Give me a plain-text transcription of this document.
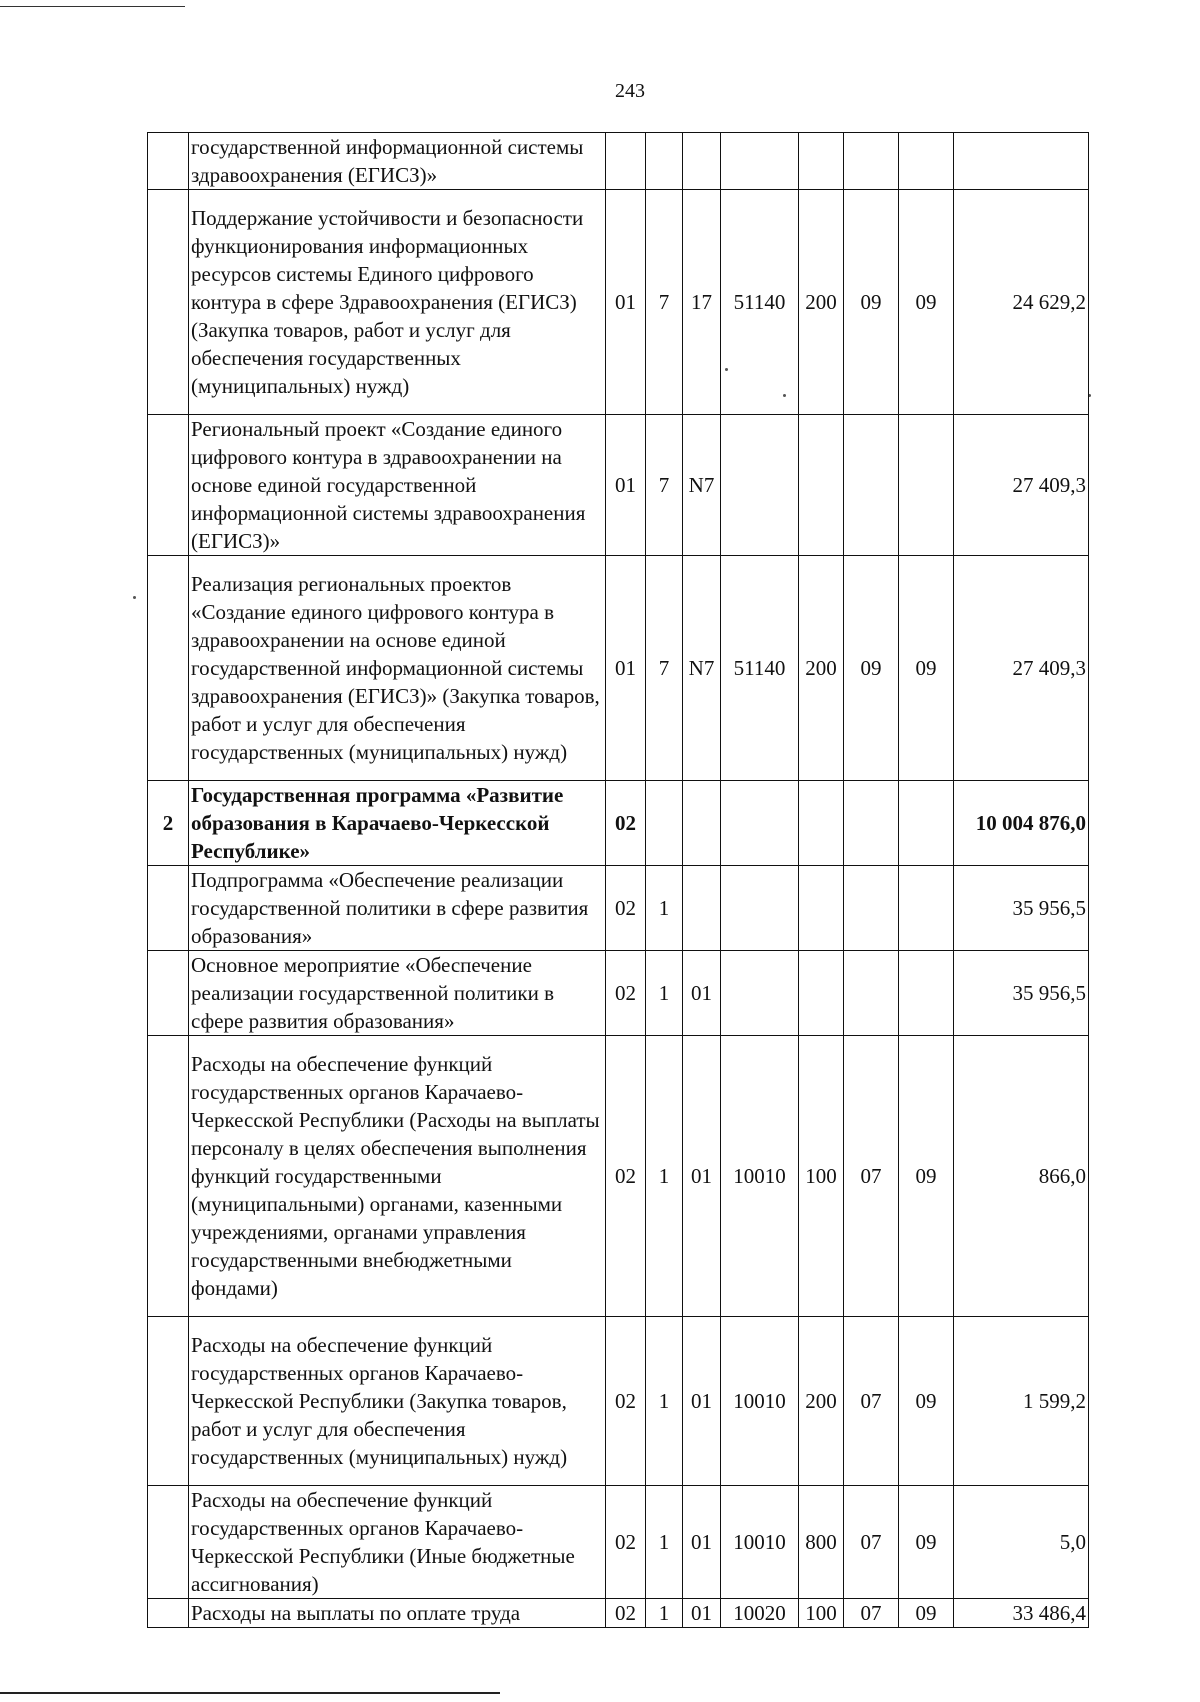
243
	государственной информационной системы здравоохранения (ЕГИСЗ)»								
	Поддержание устойчивости и безопасности функционирования информационных ресурсов системы Единого цифрового контура в сфере Здравоохранения (ЕГИСЗ) (Закупка товаров, работ и услуг для обеспечения государственных (муниципальных) нужд)	01	7	17	51140	200	09	09	24 629,2
	Региональный проект «Создание единого цифрового контура в здравоохранении на основе единой государственной информационной системы здравоохранения (ЕГИСЗ)»	01	7	N7					27 409,3
	Реализация региональных проектов «Создание единого цифрового контура в здравоохранении на основе единой государственной информационной системы здравоохранения (ЕГИСЗ)» (Закупка товаров, работ и услуг для обеспечения государственных (муниципальных) нужд)	01	7	N7	51140	200	09	09	27 409,3
2	Государственная программа «Развитие образования в Карачаево-Черкесской Республике»	02							10 004 876,0
	Подпрограмма «Обеспечение реализации государственной политики в сфере развития образования»	02	1						35 956,5
	Основное мероприятие «Обеспечение реализации государственной политики в сфере развития образования»	02	1	01					35 956,5
	Расходы на обеспечение функций государственных органов Карачаево-Черкесской Республики (Расходы на выплаты персоналу в целях обеспечения выполнения функций государственными (муниципальными) органами, казенными учреждениями, органами управления государственными внебюджетными фондами)	02	1	01	10010	100	07	09	866,0
	Расходы на обеспечение функций государственных органов Карачаево-Черкесской Республики (Закупка товаров, работ и услуг для обеспечения государственных (муниципальных) нужд)	02	1	01	10010	200	07	09	1 599,2
	Расходы на обеспечение функций государственных органов Карачаево-Черкесской Республики (Иные бюджетные ассигнования)	02	1	01	10010	800	07	09	5,0
	Расходы на выплаты по оплате труда	02	1	01	10020	100	07	09	33 486,4
